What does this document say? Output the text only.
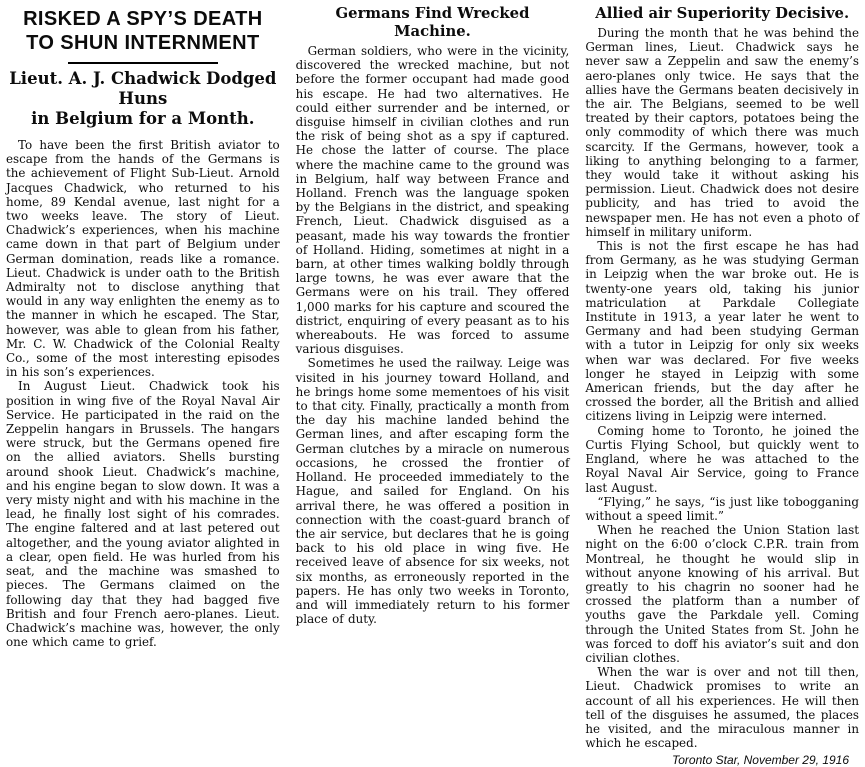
RISKED A SPY’S DEATH
TO SHUN INTERNMENT
Lieut. A. J. Chadwick Dodged Huns
in Belgium for a Month.

To have been the first British aviator to escape from the hands of the Germans is the achievement of Flight Sub-Lieut. Arnold Jacques Chadwick, who returned to his home, 89 Kendal avenue, last night for a two weeks leave. The story of Lieut. Chadwick’s experiences, when his machine came down in that part of Belgium under German domination, reads like a romance. Lieut. Chadwick is under oath to the British Admiralty not to disclose anything that would in any way enlighten the enemy as to the manner in which he escaped. The Star, however, was able to glean from his father, Mr. C. W. Chadwick of the Colonial Realty Co., some of the most interesting episodes in his son’s experiences.

In August Lieut. Chadwick took his position in wing five of the Royal Naval Air Service. He participated in the raid on the Zeppelin hangars in Brussels. The hangars were struck, but the Germans opened fire on the allied aviators. Shells bursting around shook Lieut. Chadwick’s machine, and his engine began to slow down. It was a very misty night and with his machine in the lead, he finally lost sight of his comrades. The engine faltered and at last petered out altogether, and the young aviator alighted in a clear, open field. He was hurled from his seat, and the machine was smashed to pieces. The Germans claimed on the following day that they had bagged five British and four French aero-planes. Lieut. Chadwick’s machine was, however, the only one which came to grief.

Germans Find Wrecked Machine.

German soldiers, who were in the vicinity, discovered the wrecked machine, but not before the former occupant had made good his escape. He had two alternatives. He could either surrender and be interned, or disguise himself in civilian clothes and run the risk of being shot as a spy if captured. He chose the latter of course. The place where the machine came to the ground was in Belgium, half way between France and Holland. French was the language spoken by the Belgians in the district, and speaking French, Lieut. Chadwick disguised as a peasant, made his way towards the frontier of Holland. Hiding, sometimes at night in a barn, at other times walking boldly through large towns, he was ever aware that the Germans were on his trail. They offered 1,000 marks for his capture and scoured the district, enquiring of every peasant as to his whereabouts. He was forced to assume various disguises.

Sometimes he used the railway. Leige was visited in his journey toward Holland, and he brings home some mementoes of his visit to that city. Finally, practically a month from the day his machine landed behind the German lines, and after escaping form the German clutches by a miracle on numerous occasions, he crossed the frontier of Holland. He proceeded immediately to the Hague, and sailed for England. On his arrival there, he was offered a position in connection with the coast-guard branch of the air service, but declares that he is going back to his old place in wing five. He received leave of absence for six weeks, not six months, as erroneously reported in the papers. He has only two weeks in Toronto, and will immediately return to his former place of duty.

Allied air Superiority Decisive.

During the month that he was behind the German lines, Lieut. Chadwick says he never saw a Zeppelin and saw the enemy’s aero-planes only twice. He says that the allies have the Germans beaten decisively in the air. The Belgians, seemed to be well treated by their captors, potatoes being the only commodity of which there was much scarcity. If the Germans, however, took a liking to anything belonging to a farmer, they would take it without asking his permission. Lieut. Chadwick does not desire publicity, and has tried to avoid the newspaper men. He has not even a photo of himself in military uniform.

This is not the first escape he has had from Germany, as he was studying German in Leipzig when the war broke out. He is twenty-one years old, taking his junior matriculation at Parkdale Collegiate Institute in 1913, a year later he went to Germany and had been studying German with a tutor in Leipzig for only six weeks when war was declared. For five weeks longer he stayed in Leipzig with some American friends, but the day after he crossed the border, all the British and allied citizens living in Leipzig were interned.

Coming home to Toronto, he joined the Curtis Flying School, but quickly went to England, where he was attached to the Royal Naval Air Service, going to France last August.

“Flying,” he says, “is just like tobogganing without a speed limit.”

When he reached the Union Station last night on the 6:00 o’clock C.P.R. train from Montreal, he thought he would slip in without anyone knowing of his arrival. But greatly to his chagrin no sooner had he crossed the platform than a number of youths gave the Parkdale yell. Coming through the United States from St. John he was forced to doff his aviator’s suit and don civilian clothes.

When the war is over and not till then, Lieut. Chadwick promises to write an account of all his experiences. He will then tell of the disguises he assumed, the places he visited, and the miraculous manner in which he escaped.

Toronto Star, November 29, 1916
